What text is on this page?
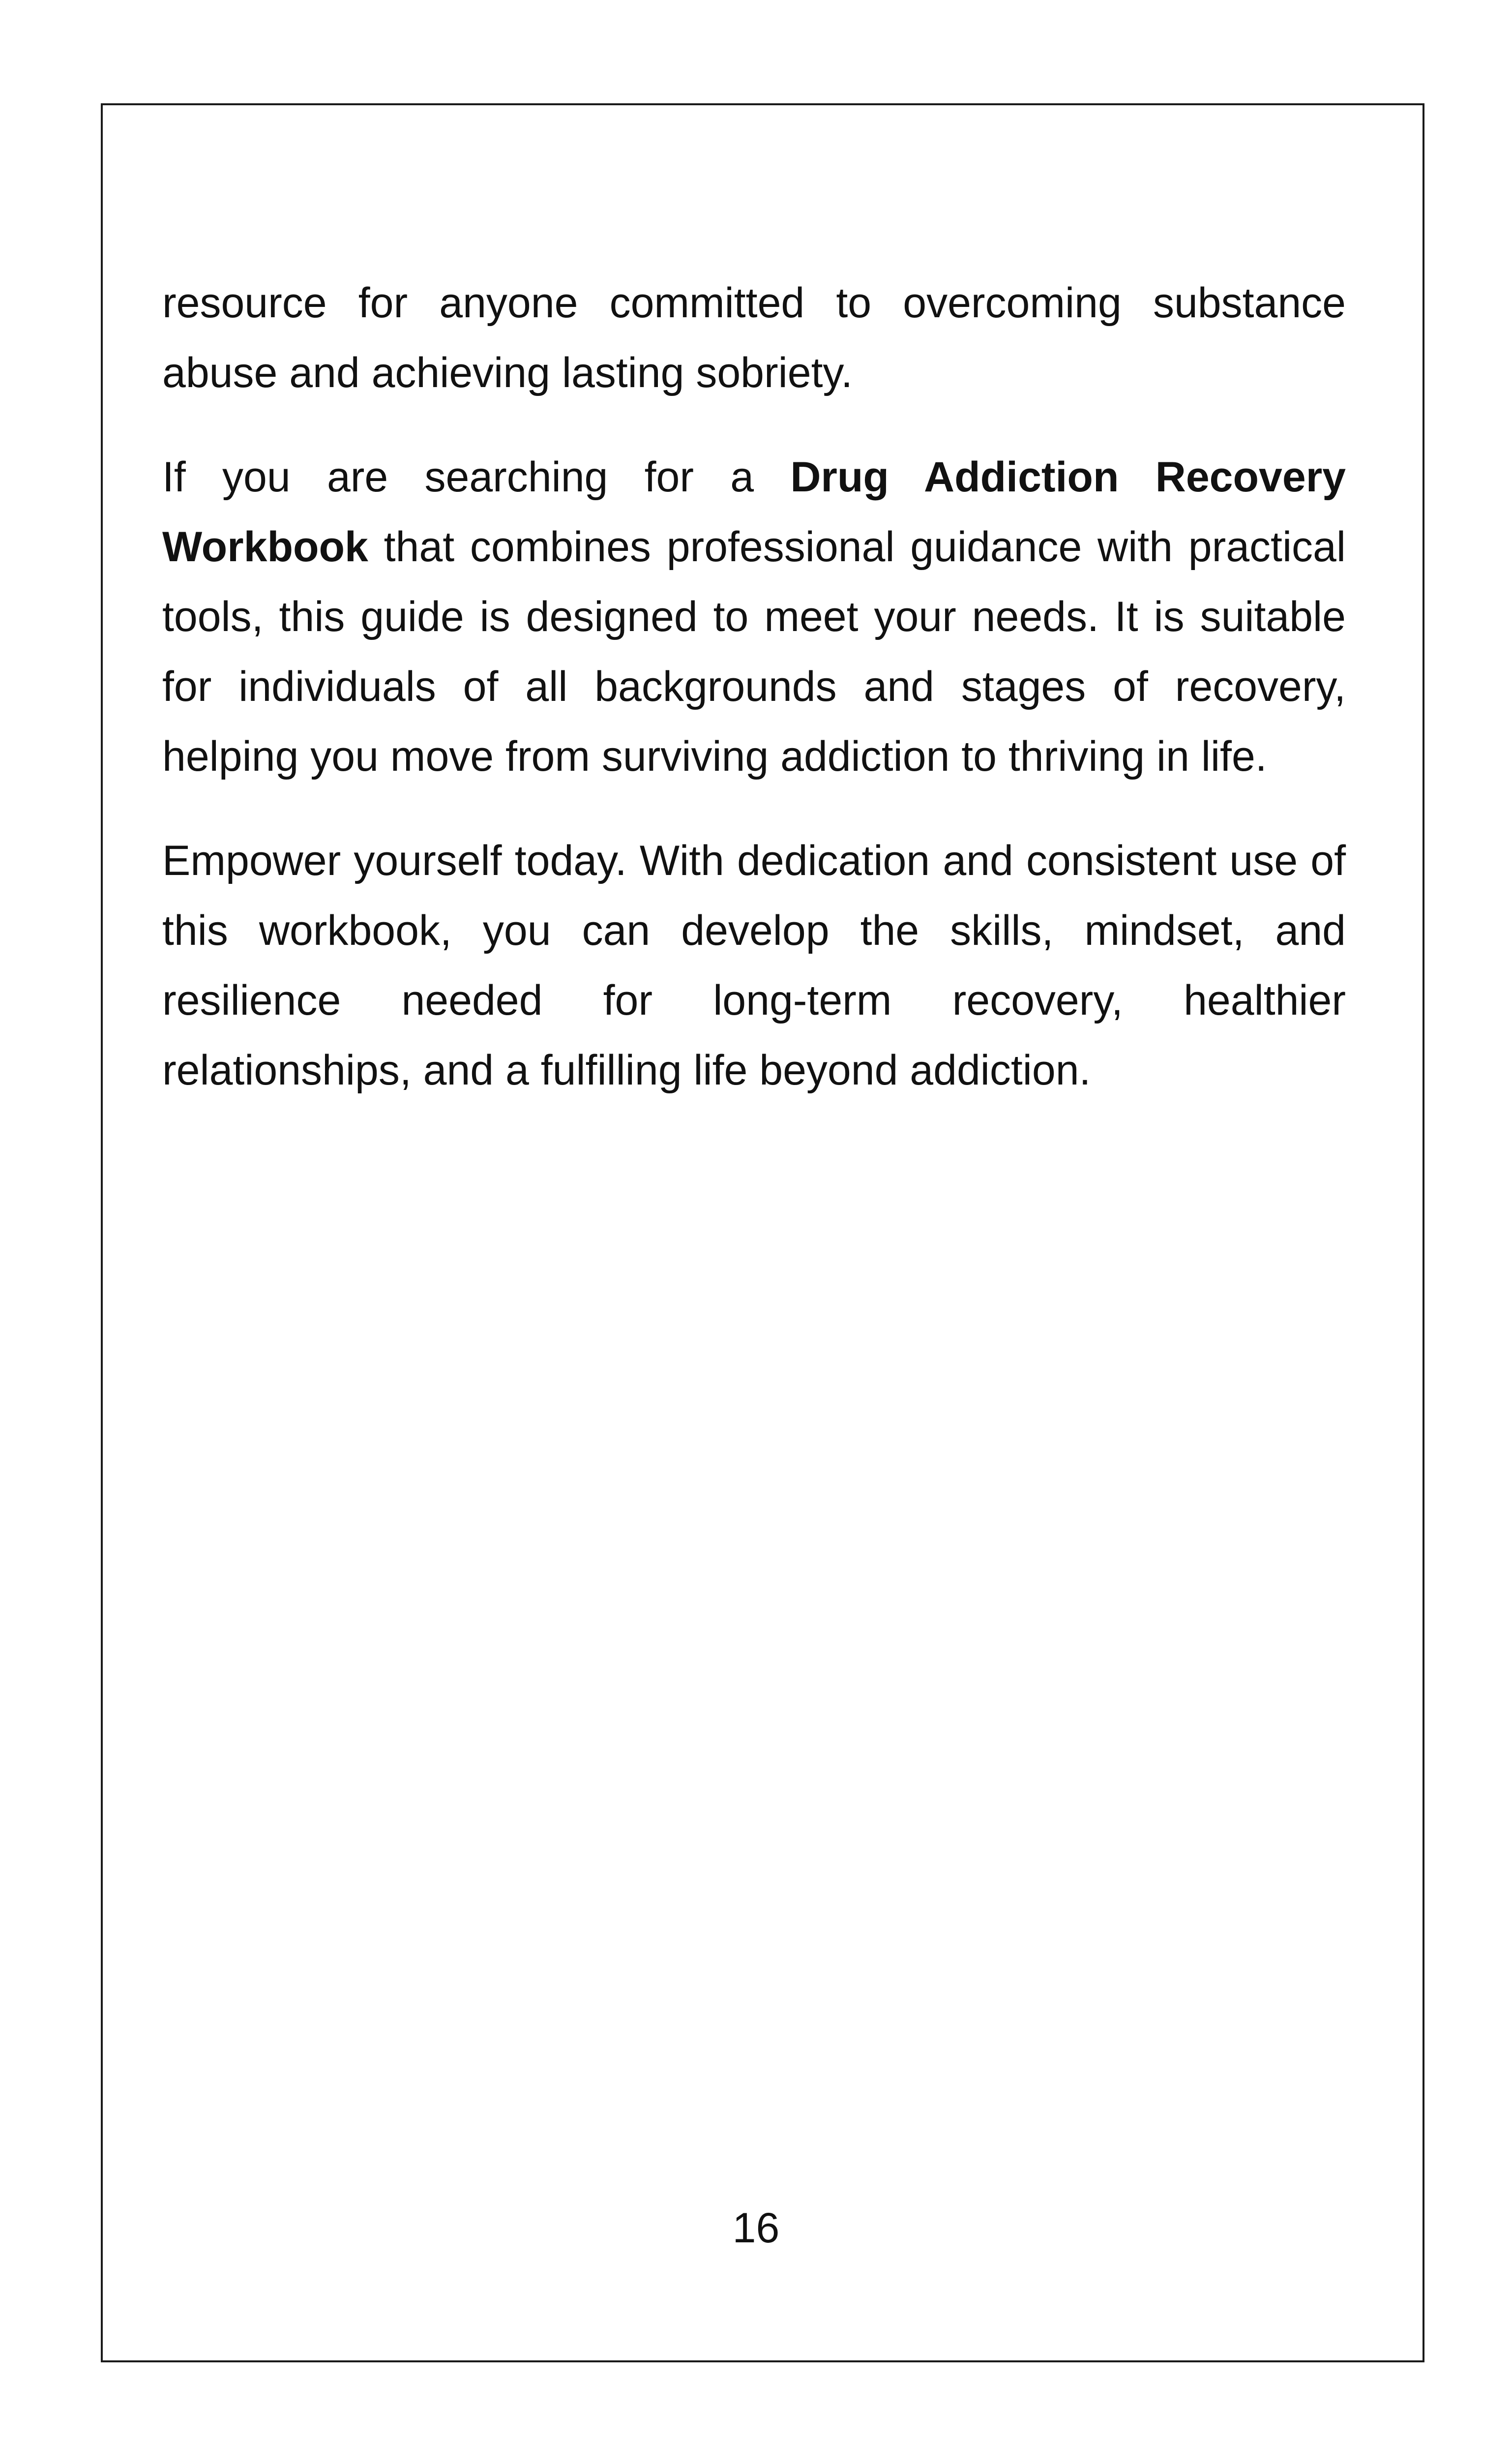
resource for anyone committed to overcoming substance abuse and achieving lasting sobriety.

If you are searching for a Drug Addiction Recovery Workbook that combines professional guidance with practical tools, this guide is designed to meet your needs. It is suitable for individuals of all backgrounds and stages of recovery, helping you move from surviving addiction to thriving in life.

Empower yourself today. With dedication and consistent use of this workbook, you can develop the skills, mindset, and resilience needed for long-term recovery, healthier relationships, and a fulfilling life beyond addiction.

16
